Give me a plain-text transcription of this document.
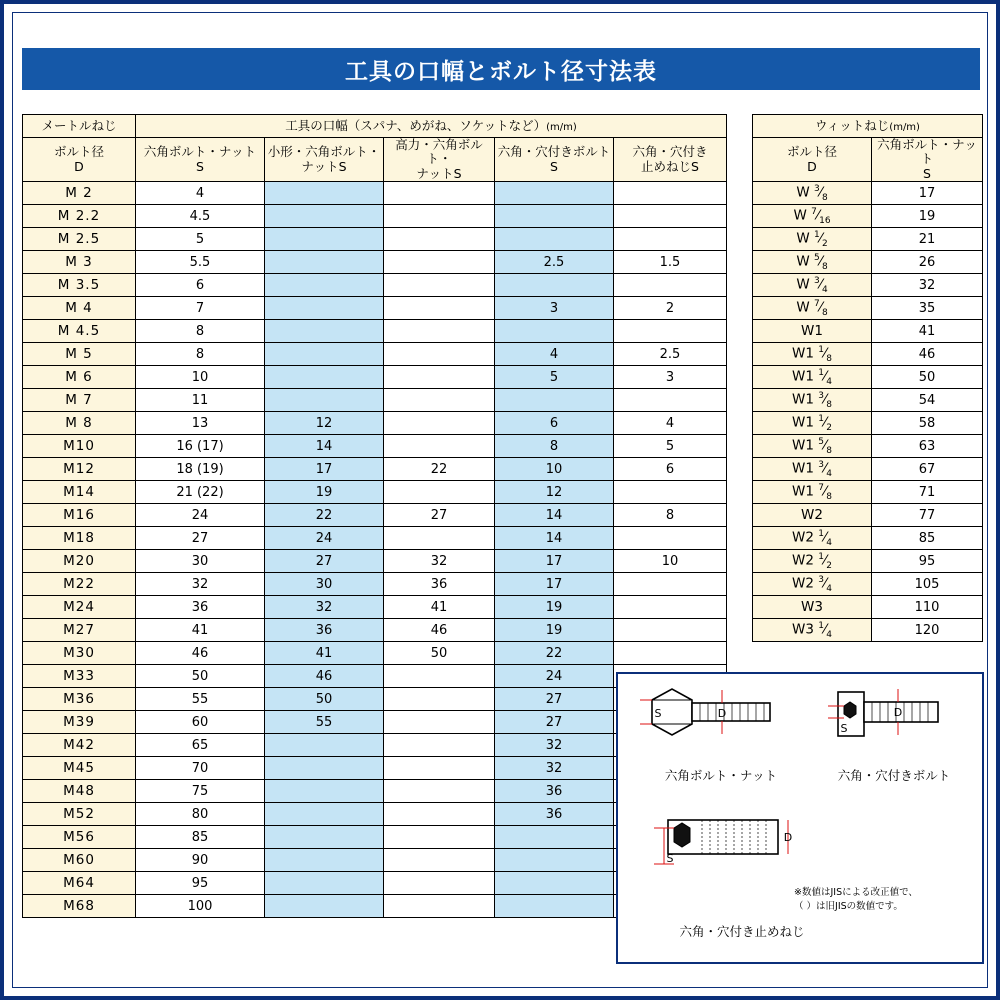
工具の口幅とボルト径寸法表
メートルねじ	工具の口幅（スパナ、めがね、ソケットなど）(m/m)				

ボルト径
D

六角ボルト・ナット
S

小形・六角ボルト・
ナットS

高力・六角ボルト・
ナットS

六角・穴付きボルト
S

六角・穴付き
止めねじS

M 2	4				
M 2.2	4.5				
M 2.5	5				
M 3	5.5			2.5	1.5
M 3.5	6				
M 4	7			3	2
M 4.5	8				
M 5	8			4	2.5
M 6	10			5	3
M 7	11				
M 8	13	12		6	4
M10	16 (17)	14		8	5
M12	18 (19)	17	22	10	6
M14	21 (22)	19		12	
M16	24	22	27	14	8
M18	27	24		14	
M20	30	27	32	17	10
M22	32	30	36	17	
M24	36	32	41	19	
M27	41	36	46	19	
M30	46	41	50	22	
M33	50	46		24	
M36	55	50		27	
M39	60	55		27	
M42	65			32	
M45	70			32	
M48	75			36	
M52	80			36	
M56	85				
M60	90				
M64	95				
M68	100				
ウィットねじ(m/m)	

ボルト径
D

六角ボルト・ナット
S

W $^3⁄_8$	17
W $^7⁄_{16}$	19
W $^1⁄_2$	21
W $^5⁄_8$	26
W $^3⁄_4$	32
W $^7⁄_8$	35
W1	41
W1 $^1⁄_8$	46
W1 $^1⁄_4$	50
W1 $^3⁄_8$	54
W1 $^1⁄_2$	58
W1 $^5⁄_8$	63
W1 $^3⁄_4$	67
W1 $^7⁄_8$	71
W2	77
W2 $^1⁄_4$	85
W2 $^1⁄_2$	95
W2 $^3⁄_4$	105
W3	110
W3 $^1⁄_4$	120
D
S
六角ボルト・ナット
D
S
六角・穴付きボルト
D
S
六角・穴付き止めねじ
※数値はJISによる改正値で、
（ ）は旧JISの数値です。
